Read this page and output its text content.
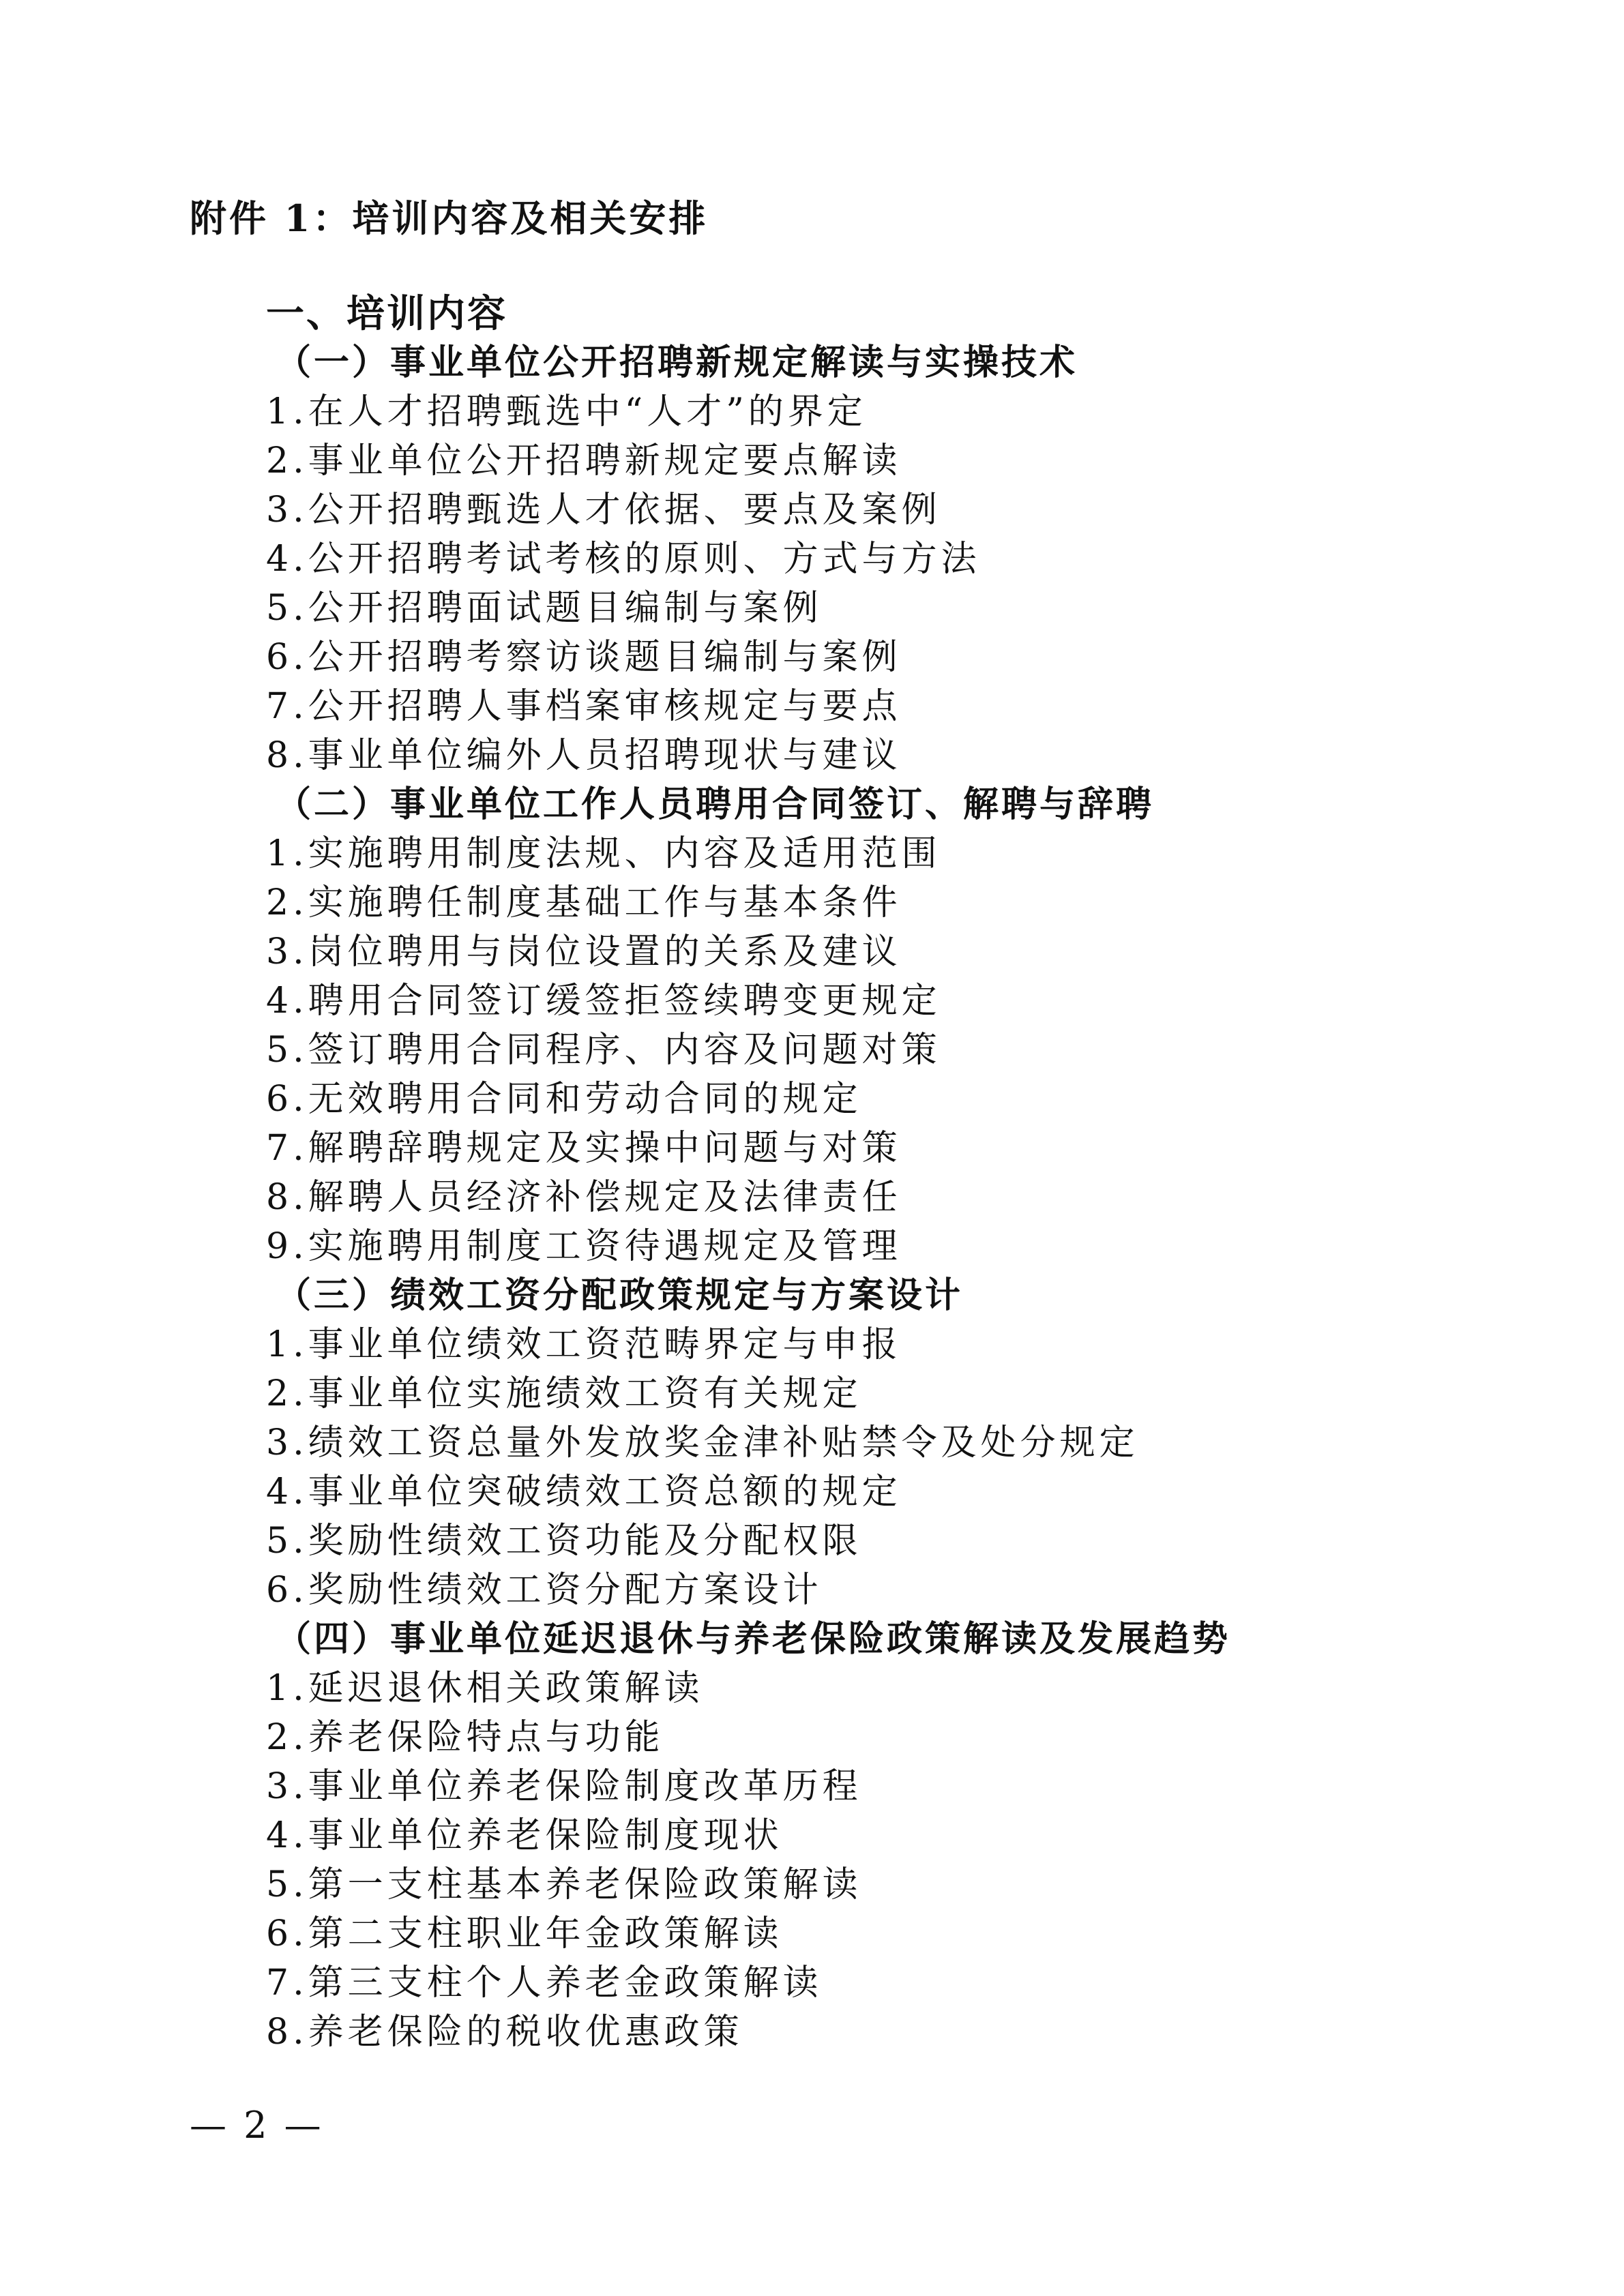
附件 1：培训内容及相关安排
一、培训内容
（一）事业单位公开招聘新规定解读与实操技术
1.在人才招聘甄选中“人才”的界定
2.事业单位公开招聘新规定要点解读
3.公开招聘甄选人才依据、要点及案例
4.公开招聘考试考核的原则、方式与方法
5.公开招聘面试题目编制与案例
6.公开招聘考察访谈题目编制与案例
7.公开招聘人事档案审核规定与要点
8.事业单位编外人员招聘现状与建议
（二）事业单位工作人员聘用合同签订、解聘与辞聘
1.实施聘用制度法规、内容及适用范围
2.实施聘任制度基础工作与基本条件
3.岗位聘用与岗位设置的关系及建议
4.聘用合同签订缓签拒签续聘变更规定
5.签订聘用合同程序、内容及问题对策
6.无效聘用合同和劳动合同的规定
7.解聘辞聘规定及实操中问题与对策
8.解聘人员经济补偿规定及法律责任
9.实施聘用制度工资待遇规定及管理
（三）绩效工资分配政策规定与方案设计
1.事业单位绩效工资范畴界定与申报
2.事业单位实施绩效工资有关规定
3.绩效工资总量外发放奖金津补贴禁令及处分规定
4.事业单位突破绩效工资总额的规定
5.奖励性绩效工资功能及分配权限
6.奖励性绩效工资分配方案设计
（四）事业单位延迟退休与养老保险政策解读及发展趋势
1.延迟退休相关政策解读
2.养老保险特点与功能
3.事业单位养老保险制度改革历程
4.事业单位养老保险制度现状
5.第一支柱基本养老保险政策解读
6.第二支柱职业年金政策解读
7.第三支柱个人养老金政策解读
8.养老保险的税收优惠政策
— 2 —
